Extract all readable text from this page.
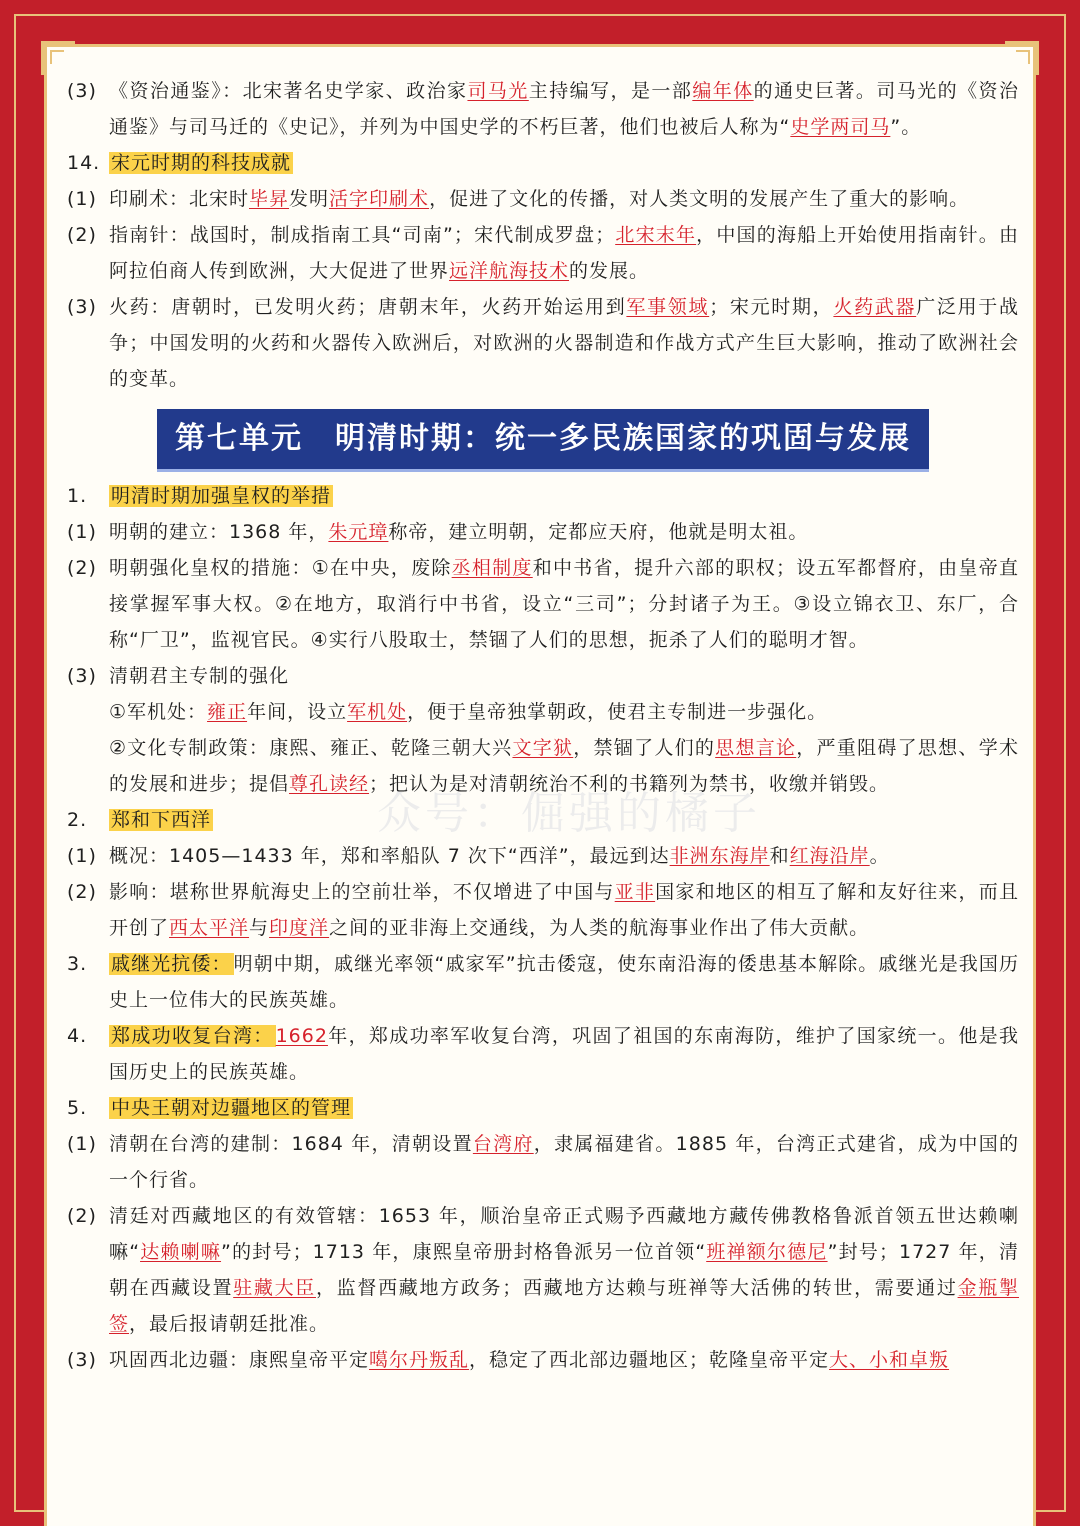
众号：倔强的橘子
(3) 《资治通鉴》：北宋著名史学家、政治家司马光主持编写，是一部编年体的通史巨著。司马光的《资治通鉴》与司马迁的《史记》，并列为中国史学的不朽巨著，他们也被后人称为“史学两司马”。
14. 宋元时期的科技成就
(1) 印刷术：北宋时毕昇发明活字印刷术，促进了文化的传播，对人类文明的发展产生了重大的影响。
(2) 指南针：战国时，制成指南工具“司南”；宋代制成罗盘；北宋末年，中国的海船上开始使用指南针。由阿拉伯商人传到欧洲，大大促进了世界远洋航海技术的发展。
(3) 火药：唐朝时，已发明火药；唐朝末年，火药开始运用到军事领域；宋元时期，火药武器广泛用于战争；中国发明的火药和火器传入欧洲后，对欧洲的火器制造和作战方式产生巨大影响，推动了欧洲社会的变革。
第七单元　明清时期：统一多民族国家的巩固与发展
1.	明清时期加强皇权的举措
(1) 明朝的建立：1368 年，朱元璋称帝，建立明朝，定都应天府，他就是明太祖。
(2) 明朝强化皇权的措施：①在中央，废除丞相制度和中书省，提升六部的职权；设五军都督府，由皇帝直接掌握军事大权。②在地方，取消行中书省，设立“三司”；分封诸子为王。③设立锦衣卫、东厂，合称“厂卫”，监视官民。④实行八股取士，禁锢了人们的思想，扼杀了人们的聪明才智。
(3) 清朝君主专制的强化
①军机处：雍正年间，设立军机处，便于皇帝独掌朝政，使君主专制进一步强化。
②文化专制政策：康熙、雍正、乾隆三朝大兴文字狱，禁锢了人们的思想言论，严重阻碍了思想、学术的发展和进步；提倡尊孔读经；把认为是对清朝统治不利的书籍列为禁书，收缴并销毁。
2.	郑和下西洋
(1) 概况：1405—1433 年，郑和率船队 7 次下“西洋”，最远到达非洲东海岸和红海沿岸。
(2) 影响：堪称世界航海史上的空前壮举，不仅增进了中国与亚非国家和地区的相互了解和友好往来，而且开创了西太平洋与印度洋之间的亚非海上交通线，为人类的航海事业作出了伟大贡献。
3.	戚继光抗倭： 明朝中期，戚继光率领“戚家军”抗击倭寇，使东南沿海的倭患基本解除。戚继光是我国历史上一位伟大的民族英雄。
4.	郑成功收复台湾： 1662年，郑成功率军收复台湾，巩固了祖国的东南海防，维护了国家统一。他是我国历史上的民族英雄。
5.	中央王朝对边疆地区的管理
(1) 清朝在台湾的建制：1684 年，清朝设置台湾府，隶属福建省。1885 年，台湾正式建省，成为中国的一个行省。
(2) 清廷对西藏地区的有效管辖：1653 年，顺治皇帝正式赐予西藏地方藏传佛教格鲁派首领五世达赖喇嘛“达赖喇嘛”的封号；1713 年，康熙皇帝册封格鲁派另一位首领“班禅额尔德尼”封号；1727 年，清朝在西藏设置驻藏大臣，监督西藏地方政务；西藏地方达赖与班禅等大活佛的转世，需要通过金瓶掣签，最后报请朝廷批准。
(3) 巩固西北边疆：康熙皇帝平定噶尔丹叛乱，稳定了西北部边疆地区；乾隆皇帝平定大、小和卓叛
